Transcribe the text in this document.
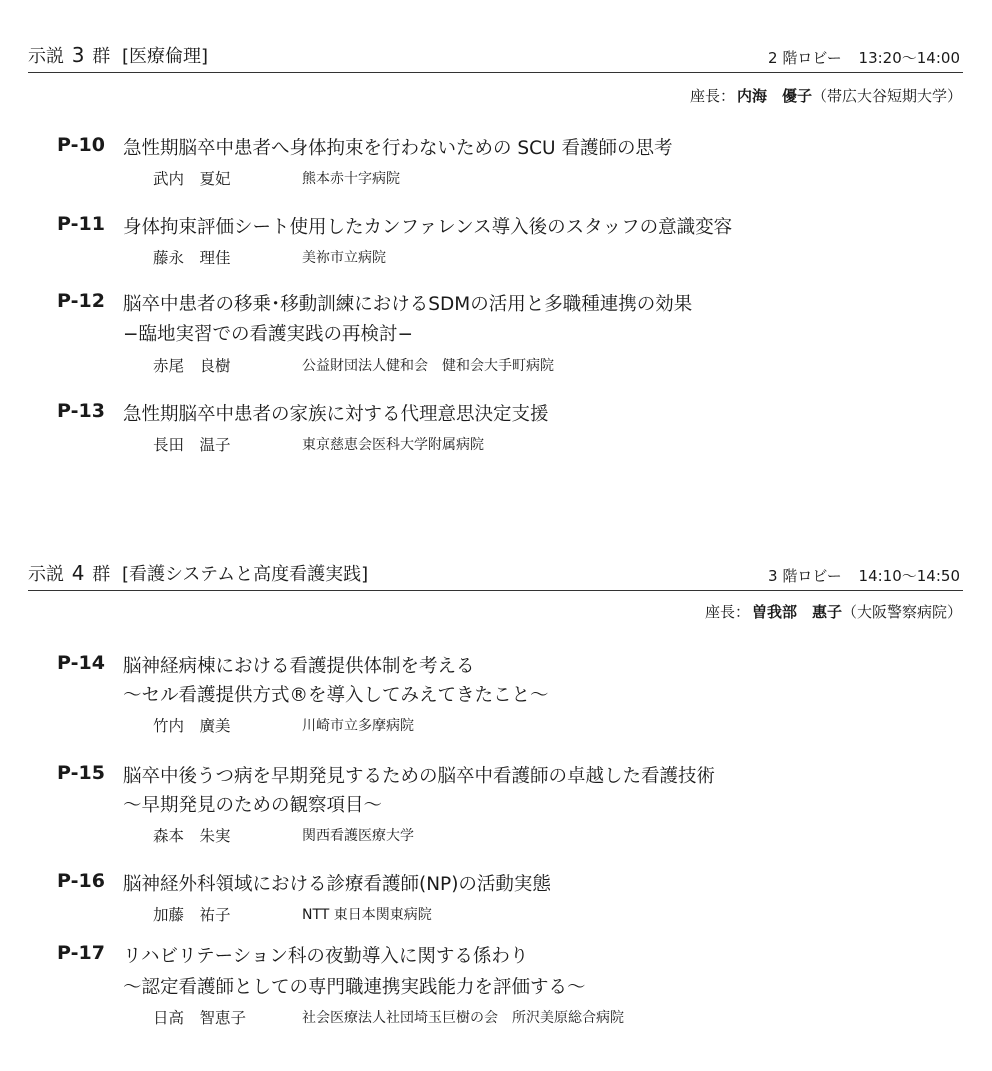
示説 3 群 [医療倫理]	2 階ロビー 13:20～14:00
座長： 内海　優子（帯広大谷短期大学）
P-10 急性期脳卒中患者へ身体拘束を行わないための SCU 看護師の思考
武内　夏妃	熊本赤十字病院
P-11 身体拘束評価シート使用したカンファレンス導入後のスタッフの意識変容
藤永　理佳	美祢市立病院
P-12 脳卒中患者の移乗･移動訓練におけるSDMの活用と多職種連携の効果
−臨地実習での看護実践の再検討−
赤尾　良樹	公益財団法人健和会　健和会大手町病院
P-13 急性期脳卒中患者の家族に対する代理意思決定支援
長田　温子	東京慈恵会医科大学附属病院
示説 4 群 [看護システムと高度看護実践]	3 階ロビー 14:10～14:50
座長： 曽我部　惠子（大阪警察病院）
P-14 脳神経病棟における看護提供体制を考える
～セル看護提供方式®を導入してみえてきたこと～
竹内　廣美	川崎市立多摩病院
P-15 脳卒中後うつ病を早期発見するための脳卒中看護師の卓越した看護技術
～早期発見のための観察項目～
森本　朱実	関西看護医療大学
P-16 脳神経外科領域における診療看護師(NP)の活動実態
加藤　祐子	NTT 東日本関東病院
P-17 リハビリテーション科の夜勤導入に関する係わり
～認定看護師としての専門職連携実践能力を評価する～
日高　智恵子	社会医療法人社団埼玉巨樹の会　所沢美原総合病院
